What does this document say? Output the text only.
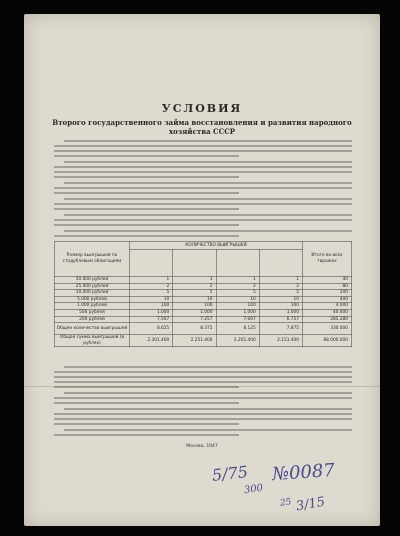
УСЛОВИЯ

Второго государственного займа восстановления и развития народного хозяйства СССР

Размер выигрышей по стодублевым облигациям	КОЛИЧЕСТВО ВЫИГРЫШЕЙ				Итого во всех тиражах

50.000 рублей	1	1	1	1	40
25.000 рублей	2	2	2	2	80
10.000 рублей	5	5	5	5	200
5.000 рублей	10	10	10	10	400
1.000 рублей	100	100	100	100	4.000
500 рублей	1.000	1.000	1.000	1.000	40.000
200 рублей	7.507	7.257	7.007	6.757	285.280
Общее количество выигрышей	8.625	8.375	8.125	7.875	330.000
Общая сумма выигрышей (в рублях)	2.301.400	2.251.400	2.201.400	2.151.400	88.000.000
Москва, 1947
5/75 №0087
300
25 3/15
